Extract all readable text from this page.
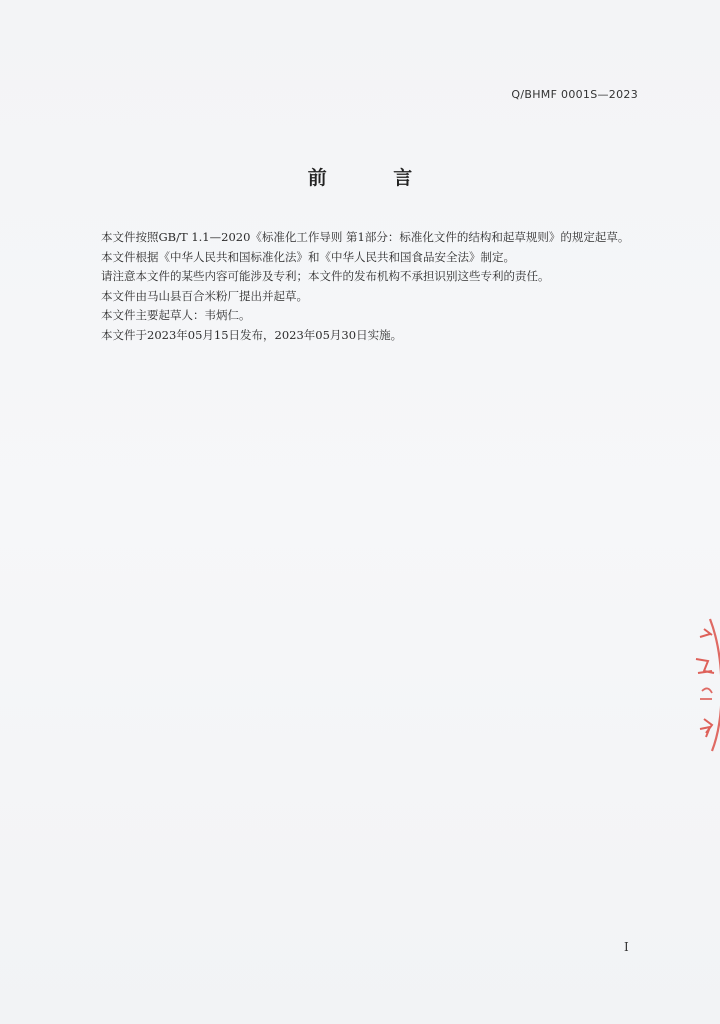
Q/BHMF 0001S—2023
前 言

本文件按照GB/T 1.1—2020《标准化工作导则 第1部分：标准化文件的结构和起草规则》的规定起草。

本文件根据《中华人民共和国标准化法》和《中华人民共和国食品安全法》制定。

请注意本文件的某些内容可能涉及专利；本文件的发布机构不承担识别这些专利的责任。

本文件由马山县百合米粉厂提出并起草。

本文件主要起草人：韦炳仁。

本文件于2023年05月15日发布，2023年05月30日实施。

I
